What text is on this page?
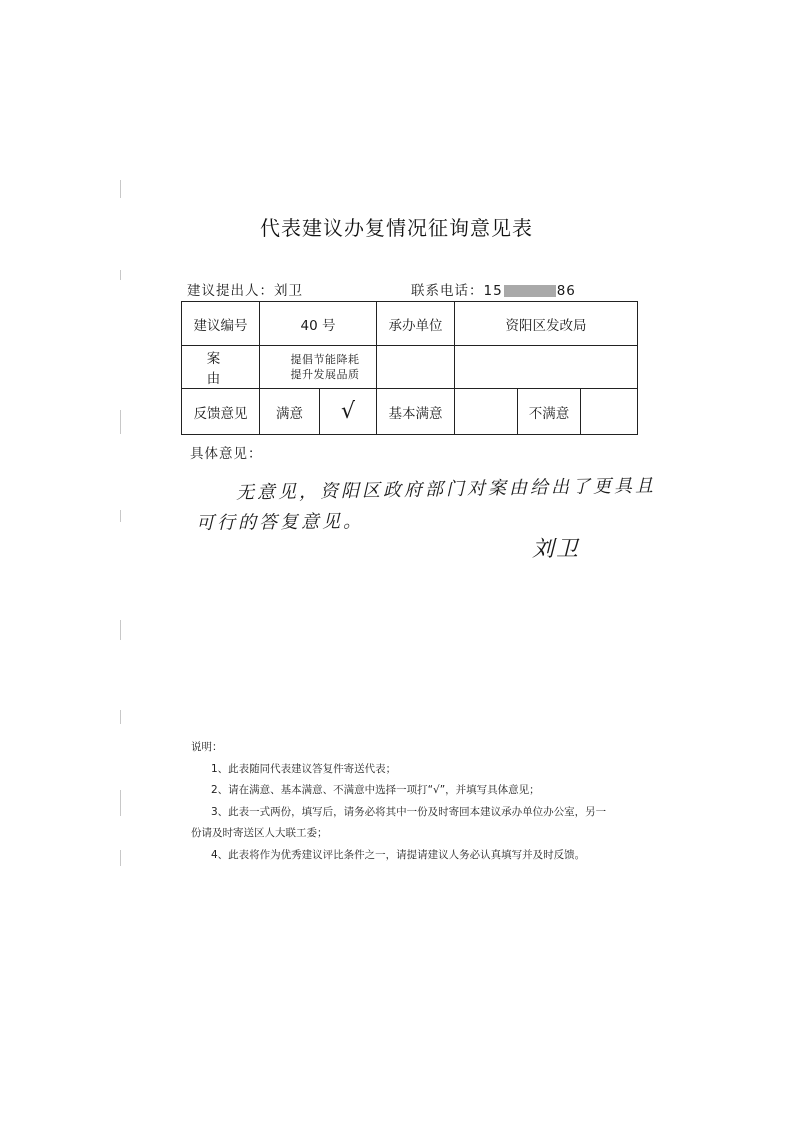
代表建议办复情况征询意见表
建议提出人：刘卫	联系电话：15	86
建议编号	40 号		承办单位	资阳区发改局		
案　由	提倡节能降耗
提升发展品质					

反馈意见	满意	√	基本满意		不满意	
具体意见：
无意见，资阳区政府部门对案由给出了更具且
可行的答复意见。
刘卫
说明：
1、此表随同代表建议答复件寄送代表；
2、请在满意、基本满意、不满意中选择一项打“√”，并填写具体意见；
3、此表一式两份，填写后，请务必将其中一份及时寄回本建议承办单位办公室，另一份请及时寄送区人大联工委；
4、此表将作为优秀建议评比条件之一，请提请建议人务必认真填写并及时反馈。
